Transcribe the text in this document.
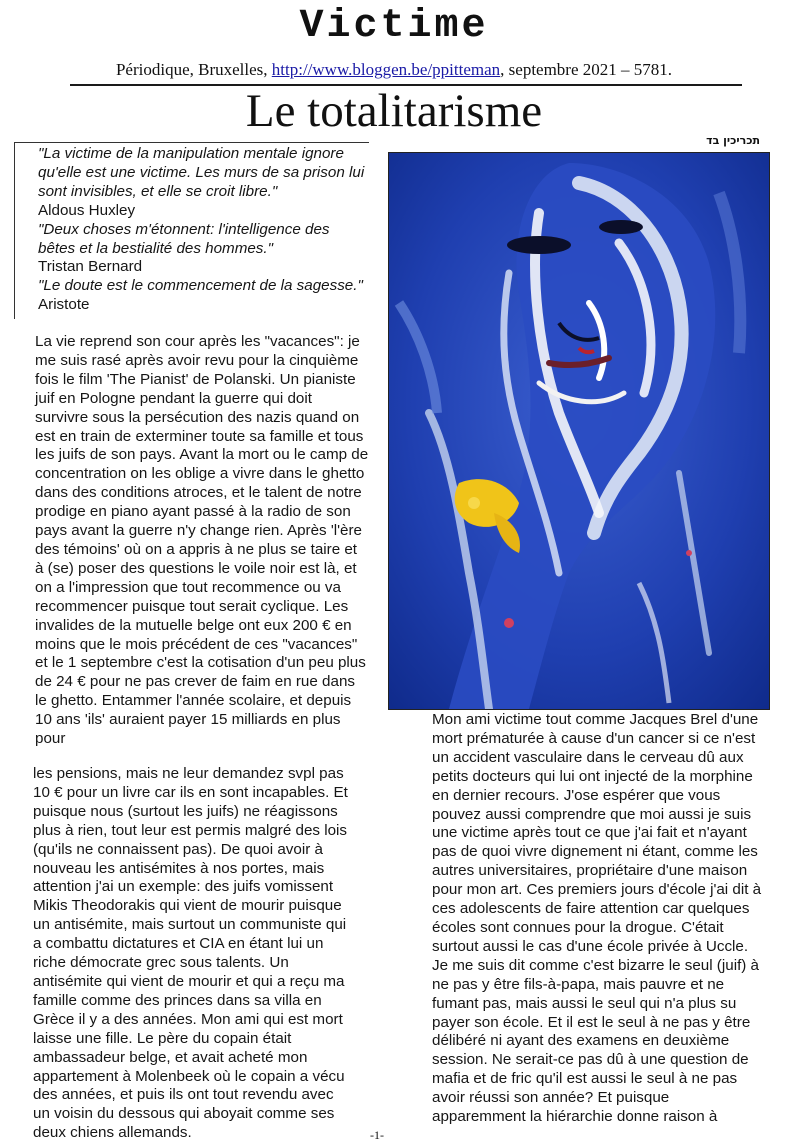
Victime
Périodique, Bruxelles, http://www.bloggen.be/ppitteman, septembre 2021 – 5781.
Le totalitarisme
תכריכין בד

"La victime de la manipulation mentale ignore qu'elle est une victime. Les murs de sa prison lui sont invisibles, et elle se croit libre."

Aldous Huxley

"Deux choses m'étonnent: l'intelligence des bêtes et la bestialité des hommes."

Tristan Bernard

"Le doute est le commencement de la sagesse."

Aristote

La vie reprend son cour après les "vacances": je me suis rasé après avoir revu pour la cinquième fois le film 'The Pianist' de Polanski. Un pianiste juif en Pologne pendant la guerre qui doit survivre sous la persécution des nazis quand on est en train de exterminer toute sa famille et tous les juifs de son pays. Avant la mort ou le camp de concentration on les oblige a vivre dans le ghetto dans des conditions atroces, et le talent de notre prodige en piano ayant passé à la radio de son pays avant la guerre n'y change rien. Après 'l'ère des témoins' où on a appris à ne plus se taire et à (se) poser des questions le voile noir est là, et on a l'impression que tout recommence ou va recommencer puisque tout serait cyclique. Les invalides de la mutuelle belge ont eux 200 € en moins que le mois précédent de ces "vacances" et le 1 septembre c'est la cotisation d'un peu plus de 24 € pour ne pas crever de faim en rue dans le ghetto. Entammer l'année scolaire, et depuis 10 ans 'ils' auraient payer 15 milliards en plus pour
les pensions, mais ne leur demandez svpl pas 10 € pour un livre car ils en sont incapables. Et puisque nous (surtout les juifs) ne réagissons plus à rien, tout leur est permis malgré des lois (qu'ils ne connaissent pas). De quoi avoir à nouveau les antisémites à nos portes, mais attention j'ai un exemple: des juifs vomissent Mikis Theodorakis qui vient de mourir puisque un antisémite, mais surtout un communiste qui a combattu dictatures et CIA en étant lui un riche démocrate grec sous talents. Un antisémite qui vient de mourir et qui a reçu ma famille comme des princes dans sa villa en Grèce il y a des années. Mon ami qui est mort laisse une fille. Le père du copain était ambassadeur belge, et avait acheté mon appartement à Molenbeek où le copain a vécu des années, et puis ils ont tout revendu avec un voisin du dessous qui aboyait comme ses deux chiens allemands.
Mon ami victime tout comme Jacques Brel d'une mort prématurée à cause d'un cancer si ce n'est un accident vasculaire dans le cerveau dû aux petits docteurs qui lui ont injecté de la morphine en dernier recours. J'ose espérer que vous pouvez aussi comprendre que moi aussi je suis une victime après tout ce que j'ai fait et n'ayant pas de quoi vivre dignement ni étant, comme les autres universitaires, propriétaire d'une maison pour mon art. Ces premiers jours d'école j'ai dit à ces adolescents de faire attention car quelques écoles sont connues pour la drogue. C'était surtout aussi le cas d'une école privée à Uccle. Je me suis dit comme c'est bizarre le seul (juif) à ne pas y être fils-à-papa, mais pauvre et ne fumant pas, mais aussi le seul qui n'a plus su payer son école. Et il est le seul à ne pas y être délibéré ni ayant des examens en deuxième session. Ne serait-ce pas dû à une question de mafia et de fric qu'il est aussi le seul à ne pas avoir réussi son année? Et puisque apparemment la hiérarchie donne raison à
-1-
